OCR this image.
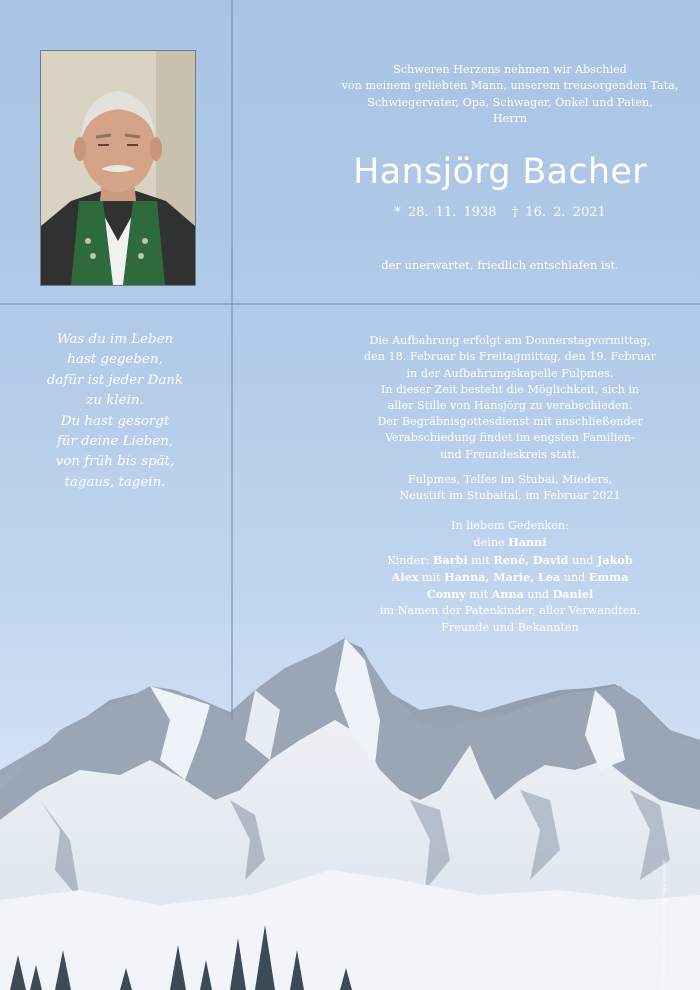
Schweren Herzens nehmen wir Abschied
von meinem geliebten Mann, unserem treusorgenden Tata,
Schwiegervater, Opa, Schwager, Onkel und Paten,
Herrn
Hansjörg Bacher
* 28. 11. 1938 † 16. 2. 2021
der unerwartet, friedlich entschlafen ist.
Was du im Leben
hast gegeben,
dafür ist jeder Dank
zu klein.
Du hast gesorgt
für deine Lieben,
von früh bis spät,
tagaus, tagein.
Die Aufbahrung erfolgt am Donnerstagvormittag,
den 18. Februar bis Freitagmittag, den 19. Februar
in der Aufbahrungskapelle Fulpmes.
In dieser Zeit besteht die Möglichkeit, sich in
aller Stille von Hansjörg zu verabschieden.
Der Begräbnisgottesdienst mit anschließender
Verabschiedung findet im engsten Familien-
und Freundeskreis statt.
Fulpmes, Telfes im Stubai, Mieders,
Neustift im Stubaital, im Februar 2021
In liebem Gedenken:
deine Hanni
Kinder: Barbi mit René, David und Jakob
Alex mit Hanna, Marie, Lea und Emma
Conny mit Anna und Daniel
im Namen der Patenkinder, aller Verwandten,
Freunde und Bekannten
© TEPPER Hall / Bestattung Haslwanter
